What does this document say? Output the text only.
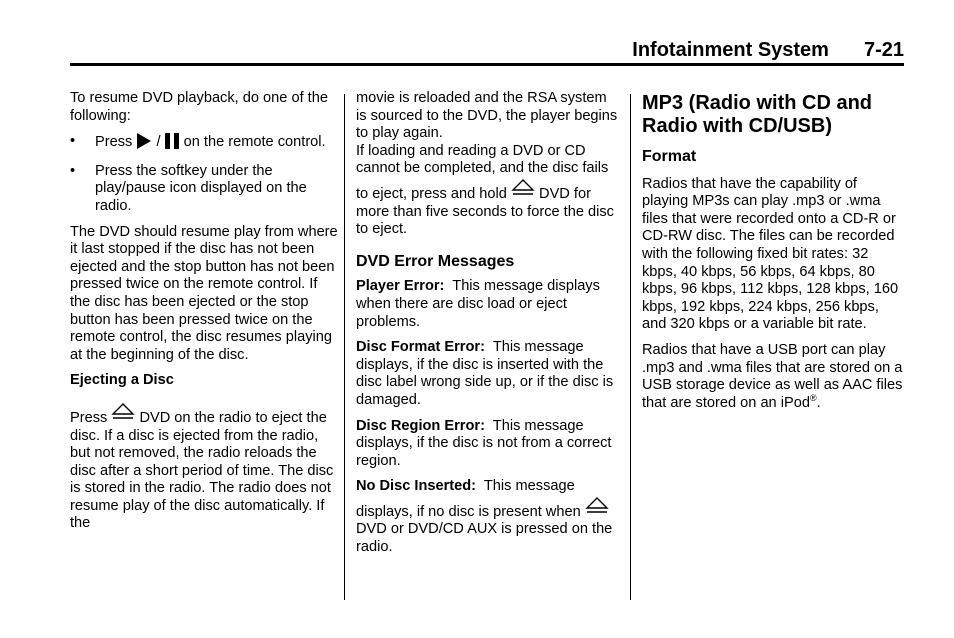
Infotainment System 7-21

To resume DVD playback, do one of the following:

• Press / on the remote control.
• Press the softkey under the play/pause icon displayed on the radio.

The DVD should resume play from where it last stopped if the disc has not been ejected and the stop button has not been pressed twice on the remote control. If the disc has been ejected or the stop button has been pressed twice on the remote control, the disc resumes playing at the beginning of the disc.

Ejecting a Disc

Press DVD on the radio to eject the disc. If a disc is ejected from the radio, but not removed, the radio reloads the disc after a short period of time. The disc is stored in the radio. The radio does not resume play of the disc automatically. If the

movie is reloaded and the RSA system is sourced to the DVD, the player begins to play again.

If loading and reading a DVD or CD cannot be completed, and the disc fails to eject, press and hold DVD for more than five seconds to force the disc to eject.

DVD Error Messages

Player Error: This message displays when there are disc load or eject problems.

Disc Format Error: This message displays, if the disc is inserted with the disc label wrong side up, or if the disc is damaged.

Disc Region Error: This message displays, if the disc is not from a correct region.

No Disc Inserted: This message displays, if no disc is present when  DVD or DVD/CD AUX is pressed on the radio.

MP3 (Radio with CD and Radio with CD/USB)

Format

Radios that have the capability of playing MP3s can play .mp3 or .wma files that were recorded onto a CD-R or CD-RW disc. The files can be recorded with the following fixed bit rates: 32 kbps, 40 kbps, 56 kbps, 64 kbps, 80 kbps, 96 kbps, 112 kbps, 128 kbps, 160 kbps, 192 kbps, 224 kbps, 256 kbps, and 320 kbps or a variable bit rate.

Radios that have a USB port can play .mp3 and .wma files that are stored on a USB storage device as well as AAC files that are stored on an iPod®.
